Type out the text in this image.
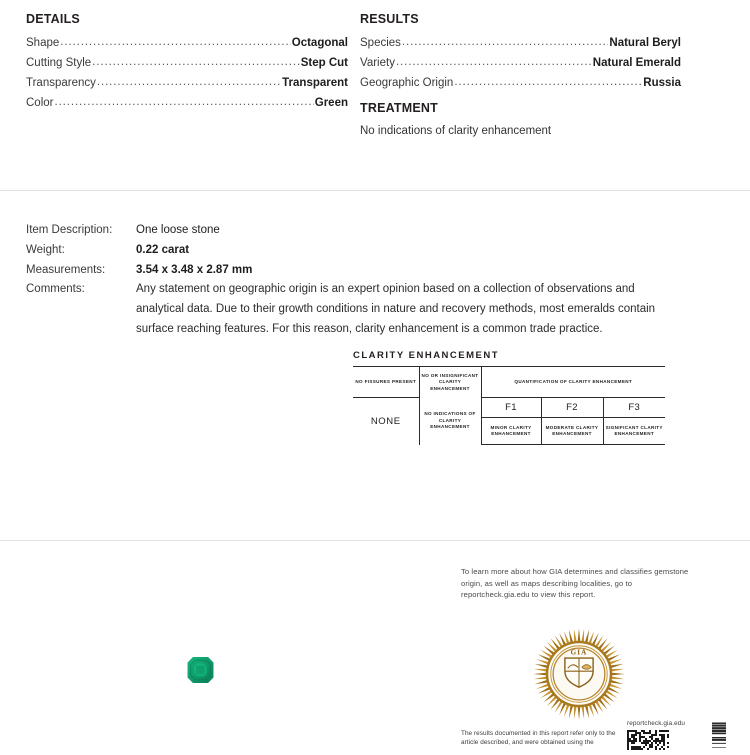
DETAILS
Shape .....	Octagonal
Cutting Style .....	Step Cut
Transparency .....	Transparent
Color .....	Green
RESULTS
Species .....	Natural Beryl
Variety .....	Natural Emerald
Geographic Origin .....	Russia
TREATMENT
No indications of clarity enhancement
Item Description:	One loose stone
Weight:	0.22 carat
Measurements:	3.54 x 3.48 x 2.87 mm
Comments:	Any statement on geographic origin is an expert opinion based on a collection of observations and analytical data. Due to their growth conditions in nature and recovery methods, most emeralds contain surface reaching features. For this reason, clarity enhancement is a common trade practice.
CLARITY ENHANCEMENT
NO FISSURES PRESENT	NO OR INSIGNIFICANT CLARITY ENHANCEMENT	QUANTIFICATION OF CLARITY ENHANCEMENT		
NONE	NO INDICATIONS OF CLARITY ENHANCEMENT	F1	F2	F3
		MINOR CLARITY ENHANCEMENT	MODERATE CLARITY ENHANCEMENT	SIGNIFICANT CLARITY ENHANCEMENT
To learn more about how GIA determines and classifies gemstone origin, as well as maps describing localities, go to reportcheck.gia.edu to view this report.
GIA
The results documented in this report refer only to the article described, and were obtained using the
reportcheck.gia.edu
